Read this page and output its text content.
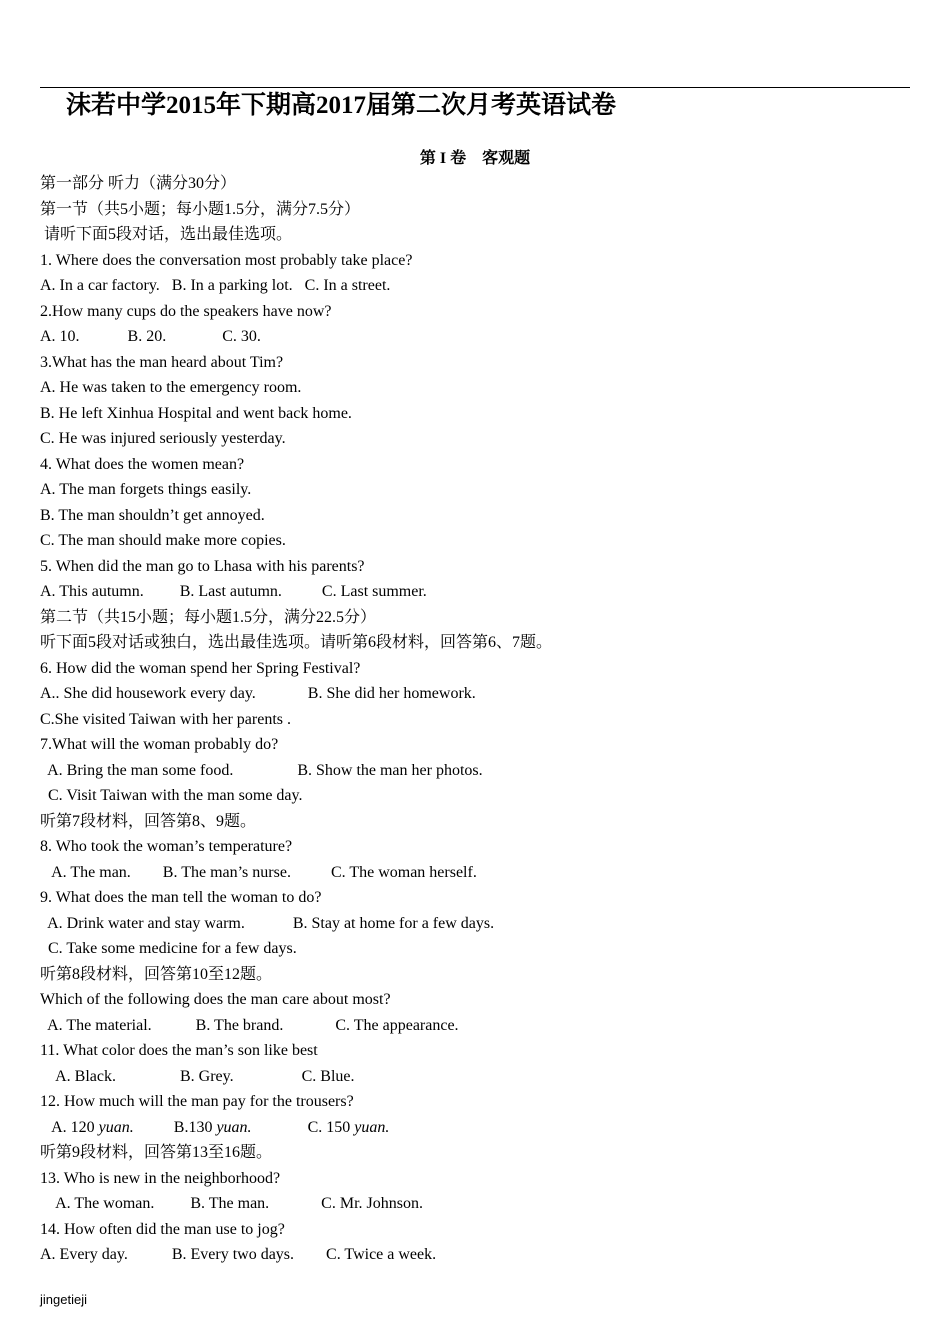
沫若中学2015年下期高2017届第二次月考英语试卷
第 I 卷　客观题
第一部分 听力（满分30分）
第一节（共5小题；每小题1.5分，满分7.5分）
请听下面5段对话，选出最佳选项。
1. Where does the conversation most probably take place?
A. In a car factory.   B. In a parking lot.   C. In a street.
2.How many cups do the speakers have now?
A. 10.            B. 20.              C. 30.
3.What has the man heard about Tim?
A. He was taken to the emergency room.
B. He left Xinhua Hospital and went back home.
C. He was injured seriously yesterday.
4. What does the women mean?
A. The man forgets things easily.
B. The man shouldn’t get annoyed.
C. The man should make more copies.
5. When did the man go to Lhasa with his parents?
A. This autumn.         B. Last autumn.          C. Last summer.
第二节（共15小题；每小题1.5分，满分22.5分）
听下面5段对话或独白，选出最佳选项。请听第6段材料，回答第6、7题。
6. How did the woman spend her Spring Festival?
A.. She did housework every day.             B. She did her homework.
C.She visited Taiwan with her parents .
7.What will the woman probably do?
A. Bring the man some food.                B. Show the man her photos.
C. Visit Taiwan with the man some day.
听第7段材料，回答第8、9题。
8. Who took the woman’s temperature?
A. The man.        B. The man’s nurse.          C. The woman herself.
9. What does the man tell the woman to do?
A. Drink water and stay warm.            B. Stay at home for a few days.
C. Take some medicine for a few days.
听第8段材料，回答第10至12题。
Which of the following does the man care about most?
A. The material.           B. The brand.             C. The appearance.
11. What color does the man’s son like best
A. Black.                B. Grey.                 C. Blue.
12. How much will the man pay for the trousers?
A. 120 yuan.          B.130 yuan.              C. 150 yuan.
听第9段材料，回答第13至16题。
13. Who is new in the neighborhood?
A. The woman.         B. The man.             C. Mr. Johnson.
14. How often did the man use to jog?
A. Every day.           B. Every two days.        C. Twice a week.
jingetieji
